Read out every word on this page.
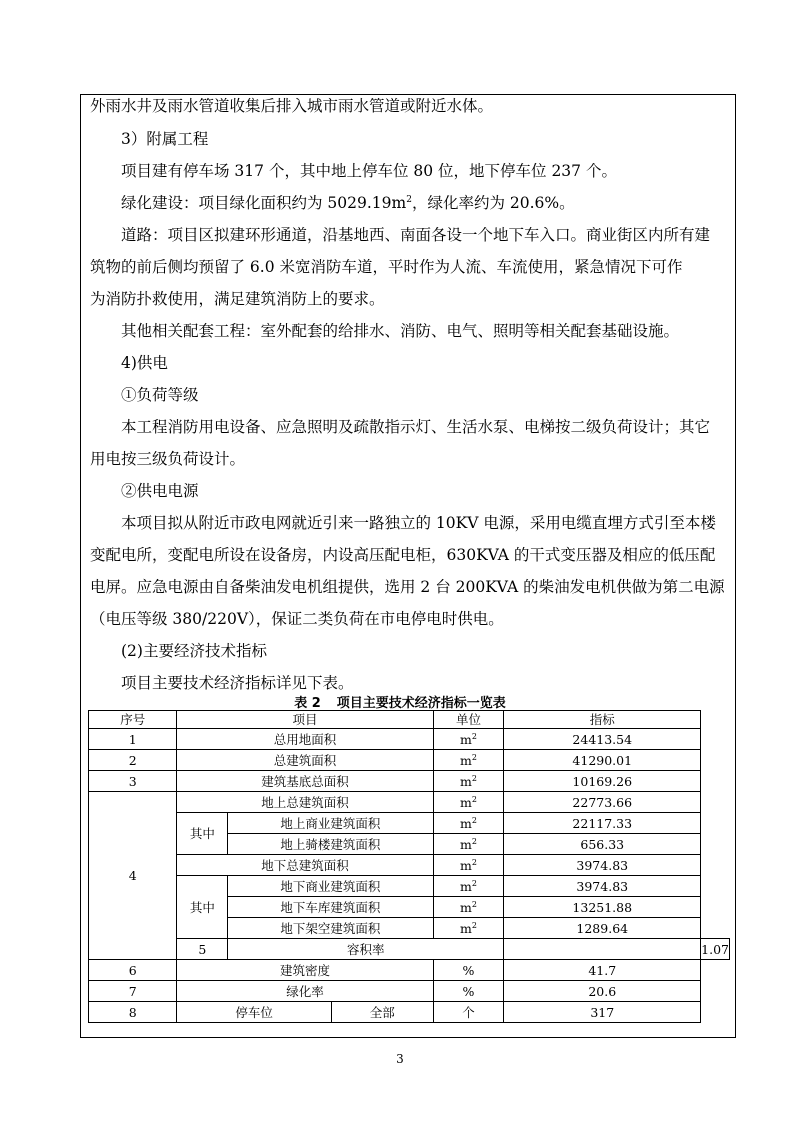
外雨水井及雨水管道收集后排入城市雨水管道或附近水体。
3）附属工程
项目建有停车场 317 个，其中地上停车位 80 位，地下停车位 237 个。
绿化建设：项目绿化面积约为 $5029.19m^2$，绿化率约为 20.6%。
道路：项目区拟建环形通道，沿基地西、南面各设一个地下车入口。商业街区内所有建
筑物的前后侧均预留了 6.0 米宽消防车道，平时作为人流、车流使用，紧急情况下可作
为消防扑救使用，满足建筑消防上的要求。
其他相关配套工程：室外配套的给排水、消防、电气、照明等相关配套基础设施。
4)供电
①负荷等级
本工程消防用电设备、应急照明及疏散指示灯、生活水泵、电梯按二级负荷设计；其它
用电按三级负荷设计。
②供电电源
本项目拟从附近市政电网就近引来一路独立的 10KV 电源，采用电缆直埋方式引至本楼
变配电所，变配电所设在设备房，内设高压配电柜，630KVA 的干式变压器及相应的低压配
电屏。应急电源由自备柴油发电机组提供，选用 2 台 200KVA 的柴油发电机供做为第二电源
（电压等级 380/220V），保证二类负荷在市电停电时供电。
(2)主要经济技术指标
项目主要技术经济指标详见下表。
表 2 项目主要技术经济指标一览表
序号	项目			单位	指标	
1	总用地面积			$m^2$	24413.54	
2	总建筑面积			$m^2$	41290.01	
3	建筑基底总面积			$m^2$	10169.26	
4	地上总建筑面积			$m^2$	22773.66	
	其中	地上商业建筑面积		$m^2$	22117.33	
		地上骑楼建筑面积		$m^2$	656.33	
	地下总建筑面积			$m^2$	3974.83	
	其中	地下商业建筑面积		$m^2$	3974.83	
		地下车库建筑面积		$m^2$	13251.88	
		地下架空建筑面积		$m^2$	1289.64	
	5	容积率				1.07
6	建筑密度			%	41.7	
7	绿化率			%	20.6	
8	停车位		全部	个	317	
3
